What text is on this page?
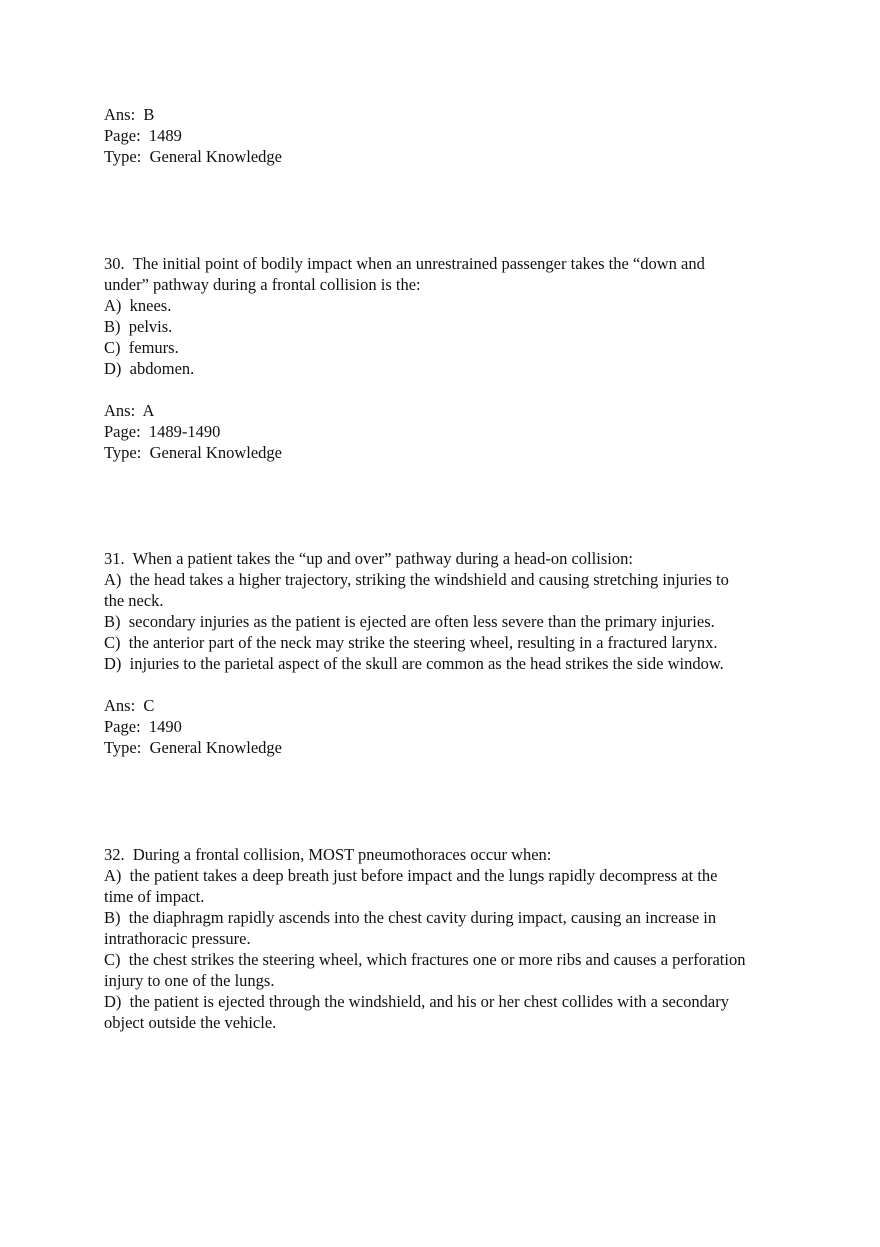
Ans:  B
Page:  1489
Type:  General Knowledge
30.  The initial point of bodily impact when an unrestrained passenger takes the “down and
under” pathway during a frontal collision is the:
A)  knees.
B)  pelvis.
C)  femurs.
D)  abdomen.
Ans:  A
Page:  1489-1490
Type:  General Knowledge
31.  When a patient takes the “up and over” pathway during a head-on collision:
A)  the head takes a higher trajectory, striking the windshield and causing stretching injuries to
the neck.
B)  secondary injuries as the patient is ejected are often less severe than the primary injuries.
C)  the anterior part of the neck may strike the steering wheel, resulting in a fractured larynx.
D)  injuries to the parietal aspect of the skull are common as the head strikes the side window.
Ans:  C
Page:  1490
Type:  General Knowledge
32.  During a frontal collision, MOST pneumothoraces occur when:
A)  the patient takes a deep breath just before impact and the lungs rapidly decompress at the
time of impact.
B)  the diaphragm rapidly ascends into the chest cavity during impact, causing an increase in
intrathoracic pressure.
C)  the chest strikes the steering wheel, which fractures one or more ribs and causes a perforation
injury to one of the lungs.
D)  the patient is ejected through the windshield, and his or her chest collides with a secondary
object outside the vehicle.
